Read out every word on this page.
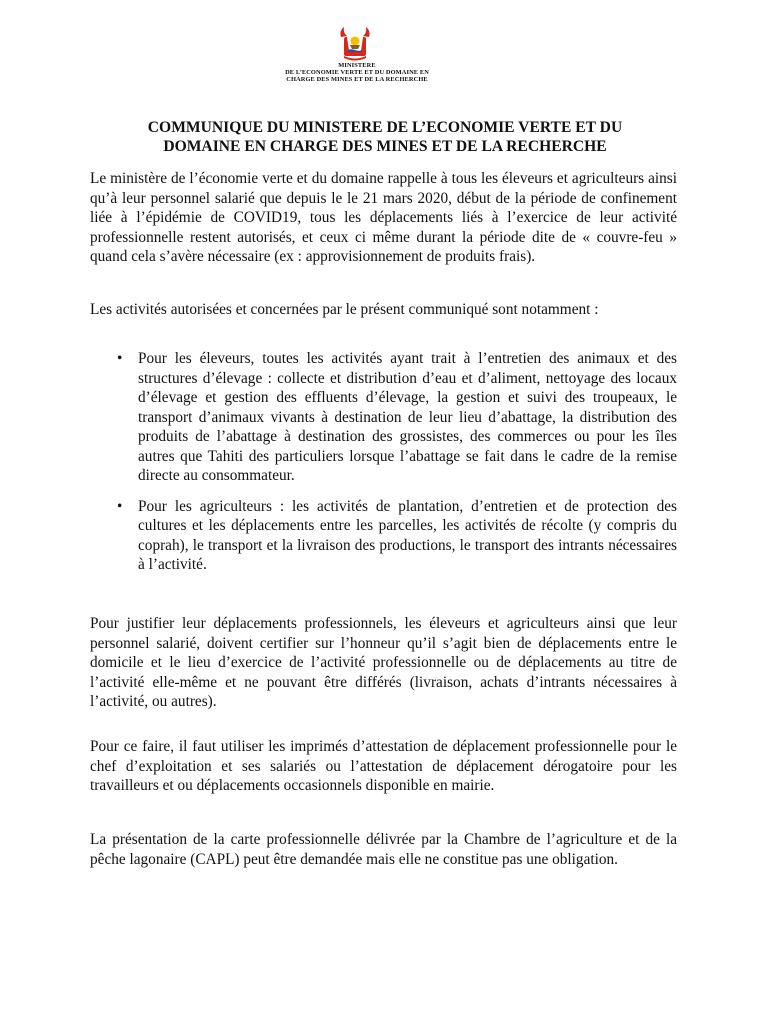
MINISTERE
DE L’ECONOMIE VERTE ET DU DOMAINE EN
CHARGE DES MINES ET DE LA RECHERCHE
COMMUNIQUE DU MINISTERE DE L’ECONOMIE VERTE ET DU
DOMAINE EN CHARGE DES MINES ET DE LA RECHERCHE

Le ministère de l’économie verte et du domaine rappelle à tous les éleveurs et agriculteurs ainsi qu’à leur personnel salarié que depuis le le 21 mars 2020, début de la période de confinement liée à l’épidémie de COVID19, tous les déplacements liés à l’exercice de leur activité professionnelle restent autorisés, et ceux ci même durant la période dite de « couvre-feu » quand cela s’avère nécessaire (ex : approvisionnement de produits frais).

Les activités autorisées et concernées par le présent communiqué sont notamment :

• Pour les éleveurs, toutes les activités ayant trait à l’entretien des animaux et des structures d’élevage : collecte et distribution d’eau et d’aliment, nettoyage des locaux d’élevage et gestion des effluents d’élevage, la gestion et suivi des troupeaux, le transport d’animaux vivants à destination de leur lieu d’abattage, la distribution des produits de l’abattage à destination des grossistes, des commerces ou pour les îles autres que Tahiti des particuliers lorsque l’abattage se fait dans le cadre de la remise directe au consommateur.
• Pour les agriculteurs : les activités de plantation, d’entretien et de protection des cultures et les déplacements entre les parcelles, les activités de récolte (y compris du coprah), le transport et la livraison des productions, le transport des intrants nécessaires à l’activité.

Pour justifier leur déplacements professionnels, les éleveurs et agriculteurs ainsi que leur personnel salarié, doivent certifier sur l’honneur qu’il s’agit bien de déplacements entre le domicile et le lieu d’exercice de l’activité professionnelle ou de déplacements au titre de l’activité elle-même et ne pouvant être différés (livraison, achats d’intrants nécessaires à l’activité, ou autres).

Pour ce faire, il faut utiliser les imprimés d’attestation de déplacement professionnelle pour le chef d’exploitation et ses salariés ou l’attestation de déplacement dérogatoire pour les travailleurs et ou déplacements occasionnels disponible en mairie.

La présentation de la carte professionnelle délivrée par la Chambre de l’agriculture et de la pêche lagonaire (CAPL) peut être demandée mais elle ne constitue pas une obligation.
